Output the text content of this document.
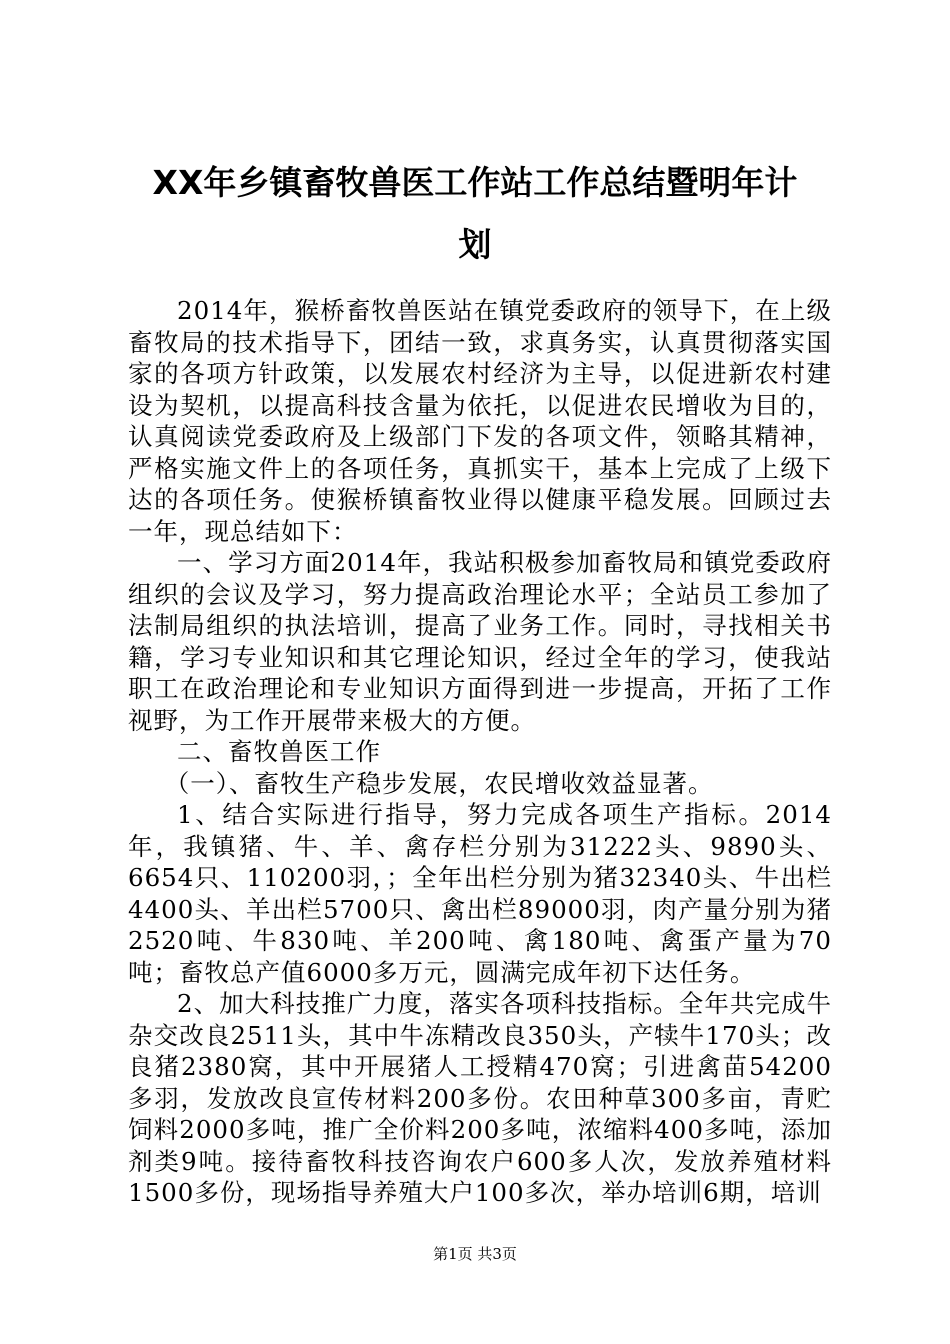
XX年乡镇畜牧兽医工作站工作总结暨明年计
划

2014年，猴桥畜牧兽医站在镇党委政府的领导下，在上级畜牧局的技术指导下，团结一致，求真务实，认真贯彻落实国家的各项方针政策，以发展农村经济为主导，以促进新农村建设为契机，以提高科技含量为依托，以促进农民增收为目的，认真阅读党委政府及上级部门下发的各项文件，领略其精神，严格实施文件上的各项任务，真抓实干，基本上完成了上级下达的各项任务。使猴桥镇畜牧业得以健康平稳发展。回顾过去一年，现总结如下：

一、学习方面2014年，我站积极参加畜牧局和镇党委政府组织的会议及学习，努力提高政治理论水平；全站员工参加了法制局组织的执法培训，提高了业务工作。同时，寻找相关书籍，学习专业知识和其它理论知识，经过全年的学习，使我站职工在政治理论和专业知识方面得到进一步提高，开拓了工作视野，为工作开展带来极大的方便。

二、畜牧兽医工作

（一）、畜牧生产稳步发展，农民增收效益显著。

1、结合实际进行指导，努力完成各项生产指标。2014年，我镇猪、牛、羊、禽存栏分别为31222头、9890头、6654只、110200羽，；全年出栏分别为猪32340头、牛出栏4400头、羊出栏5700只、禽出栏89000羽，肉产量分别为猪2520吨、牛830吨、羊200吨、禽180吨、禽蛋产量为70吨；畜牧总产值6000多万元，圆满完成年初下达任务。

2、加大科技推广力度，落实各项科技指标。全年共完成牛杂交改良2511头，其中牛冻精改良350头，产犊牛170头；改良猪2380窝，其中开展猪人工授精470窝；引进禽苗54200多羽，发放改良宣传材料200多份。农田种草300多亩，青贮饲料2000多吨，推广全价料200多吨，浓缩料400多吨，添加剂类9吨。接待畜牧科技咨询农户600多人次，发放养殖材料1500多份，现场指导养殖大户100多次，举办培训6期，培训

第1页 共3页
